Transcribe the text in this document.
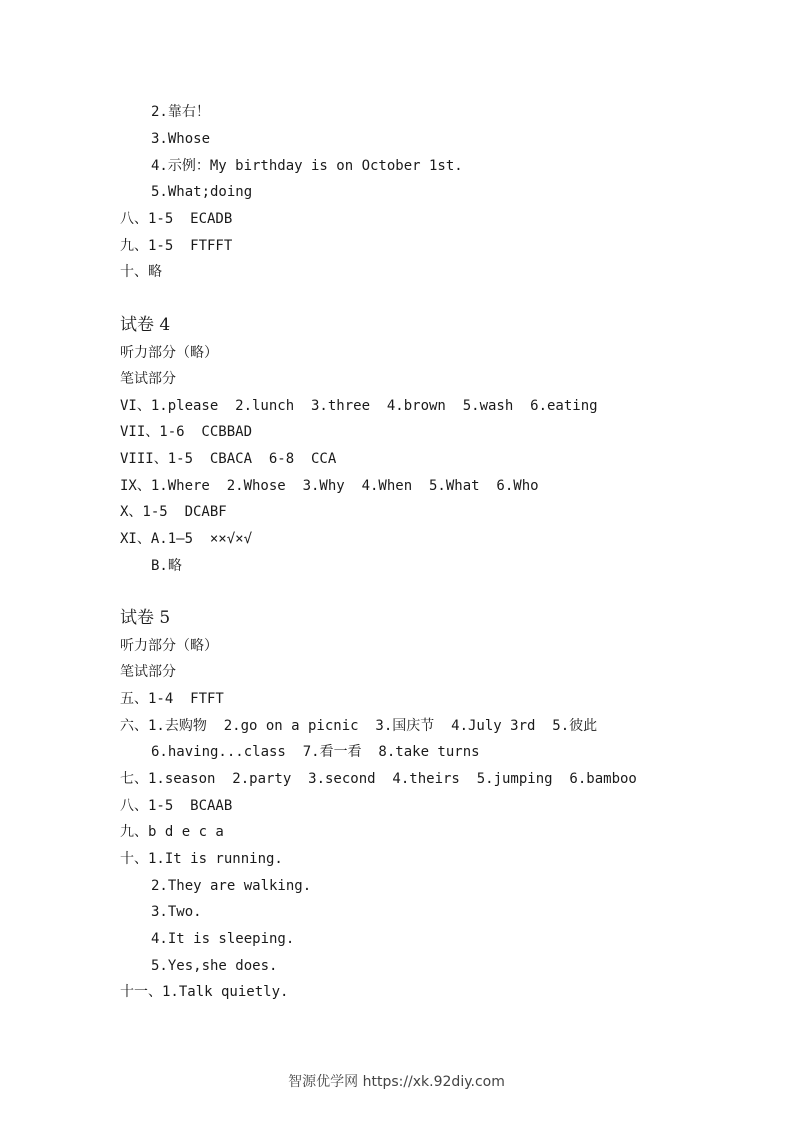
2.靠右！
3.Whose
4.示例：My birthday is on October 1st.
5.What;doing
八、1-5  ECADB
九、1-5  FTFFT
十、略
试卷 4
听力部分（略）
笔试部分
VI、1.please  2.lunch  3.three  4.brown  5.wash  6.eating
VII、1-6  CCBBAD
VIII、1-5  CBACA  6-8  CCA
IX、1.Where  2.Whose  3.Why  4.When  5.What  6.Who
X、1-5  DCABF
XI、A.1—5  ××√×√
B.略
试卷 5
听力部分（略）
笔试部分
五、1-4  FTFT
六、1.去购物  2.go on a picnic  3.国庆节  4.July 3rd  5.彼此
6.having...class  7.看一看  8.take turns
七、1.season  2.party  3.second  4.theirs  5.jumping  6.bamboo
八、1-5  BCAAB
九、b d e c a
十、1.It is running.
2.They are walking.
3.Two.
4.It is sleeping.
5.Yes,she does.
十一、1.Talk quietly.
智源优学网 https://xk.92diy.com
